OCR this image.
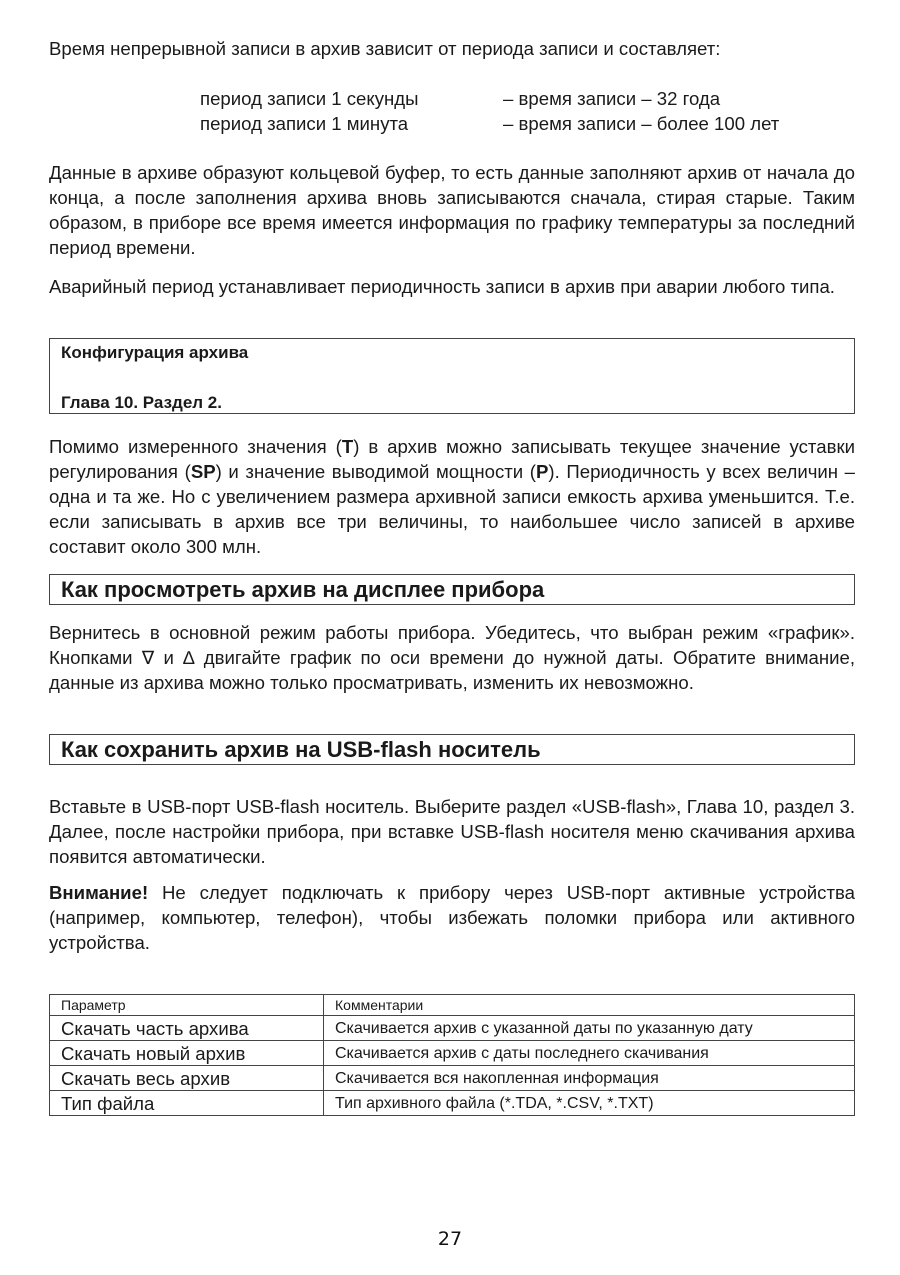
Время непрерывной записи в архив зависит от периода записи и составляет:

период записи 1 секунды	– время записи – 32 года
период записи 1 минута	– время записи – более 100 лет

Данные в архиве образуют кольцевой буфер, то есть данные заполняют архив от начала до конца, а после заполнения архива вновь записываются сначала, стирая старые. Таким образом, в приборе все время имеется информация по графику температуры за последний период времени.

Аварийный период устанавливает периодичность записи в архив при аварии любого типа.

Конфигурация архива
Глава 10. Раздел 2.

Помимо измеренного значения (T) в архив можно записывать текущее значение уставки регулирования (SP) и значение выводимой мощности (P). Периодичность у всех величин – одна и та же. Но с увеличением размера архивной записи емкость архива уменьшится. Т.е. если записывать в архив все три величины, то наибольшее число записей в архиве составит около 300 млн.

Как просмотреть архив на дисплее прибора

Вернитесь в основной режим работы прибора. Убедитесь, что выбран режим «график». Кнопками ∇ и ∆ двигайте график по оси времени до нужной даты. Обратите внимание, данные из архива можно только просматривать, изменить их невозможно.

Как сохранить архив на USB-flash носитель

Вставьте в USB-порт USB-flash носитель. Выберите раздел «USB-flash», Глава 10, раздел 3. Далее, после настройки прибора, при вставке USB-flash носителя меню скачивания архива появится автоматически.

Внимание! Не следует подключать к прибору через USB-порт активные устройства (например, компьютер, телефон), чтобы избежать поломки прибора или активного устройства.

Параметр	Комментарии
Скачать часть архива	Скачивается архив с указанной даты по указанную дату
Скачать новый архив	Скачивается архив с даты последнего скачивания
Скачать весь архив	Скачивается вся накопленная информация
Тип файла	Тип архивного файла (*.TDA, *.CSV, *.TXT)
27
